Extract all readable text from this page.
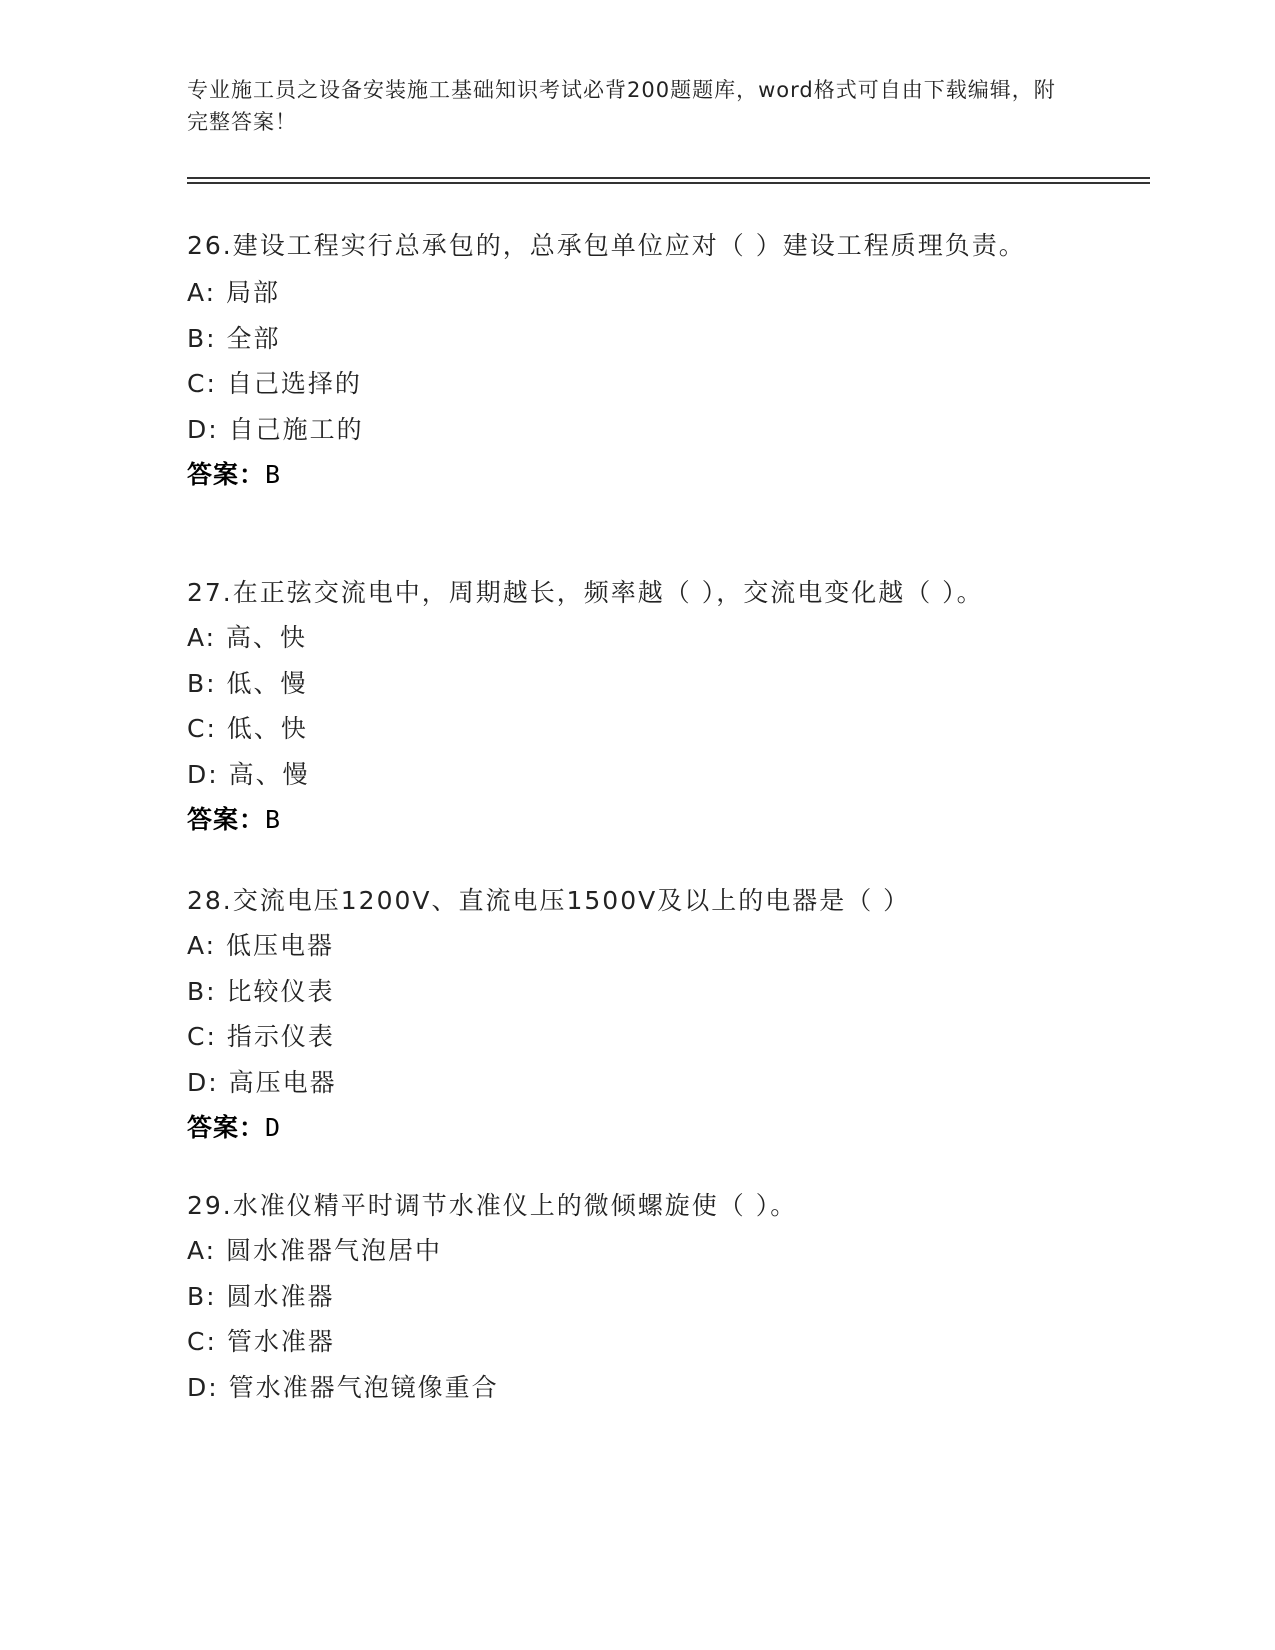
专业施工员之设备安装施工基础知识考试必背200题题库，word格式可自由下载编辑，附完整答案！

26.建设工程实行总承包的，总承包单位应对（ ）建设工程质理负责。

A: 局部

B: 全部

C: 自己选择的

D: 自己施工的

答案：B

27.在正弦交流电中，周期越长，频率越（ ），交流电变化越（ ）。

A: 高、快

B: 低、慢

C: 低、快

D: 高、慢

答案：B

28.交流电压1200V、直流电压1500V及以上的电器是（ ）

A: 低压电器

B: 比较仪表

C: 指示仪表

D: 高压电器

答案：D

29.水准仪精平时调节水准仪上的微倾螺旋使（ ）。

A: 圆水准器气泡居中

B: 圆水准器

C: 管水准器

D: 管水准器气泡镜像重合
